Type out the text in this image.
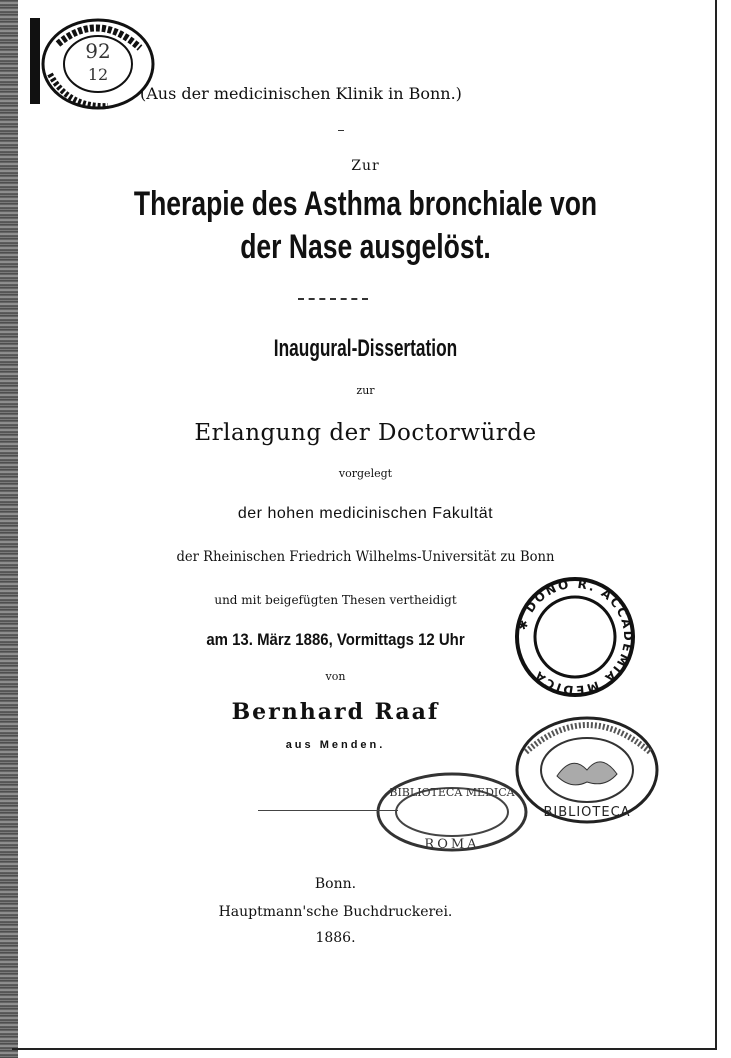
92
12
(Aus der medicinischen Klinik in Bonn.)
Zur
Therapie des Asthma bronchiale von
der Nase ausgelöst.
Inaugural-Dissertation
zur
Erlangung der Doctorwürde
vorgelegt
der hohen medicinischen Fakultät
der Rheinischen Friedrich Wilhelms-Universität zu Bonn
und mit beigefügten Thesen vertheidigt
am 13. März 1886, Vormittags 12 Uhr
von
Bernhard Raaf
aus Menden.
✱ DONO R. ACCADEMIA MEDICA
BIBLIOTECA
BIBLIOTECA MEDICA
ROMA
Bonn.
Hauptmann'sche Buchdruckerei.
1886.
